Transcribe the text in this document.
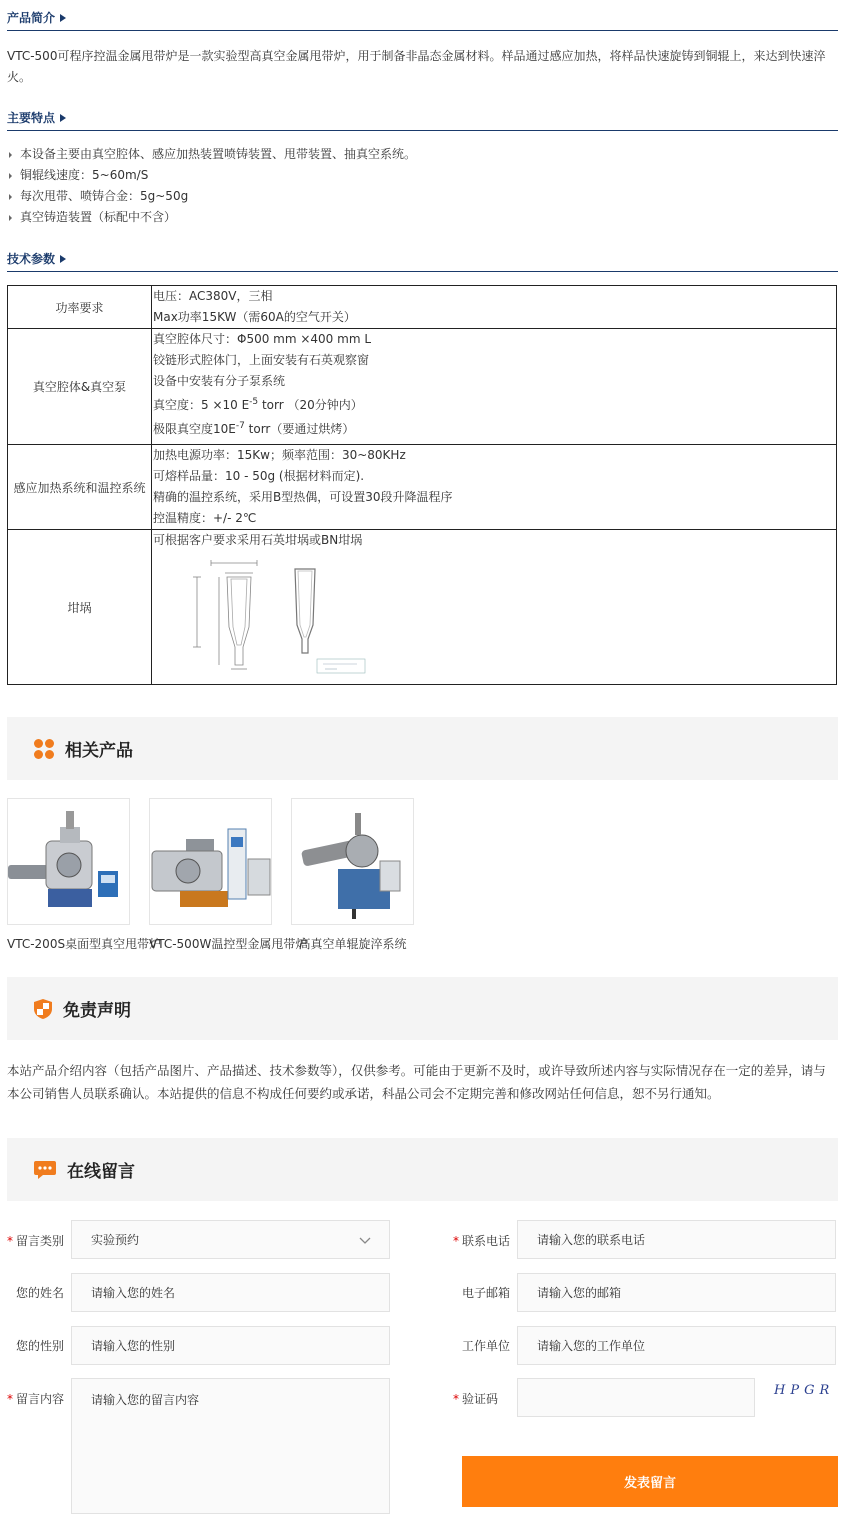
产品简介
VTC-500可程序控温金属甩带炉是一款实验型高真空金属甩带炉，用于制备非晶态金属材料。样品通过感应加热，将样品快速旋铸到铜辊上，来达到快速淬火。
主要特点
本设备主要由真空腔体、感应加热装置喷铸装置、甩带装置、抽真空系统。
铜辊线速度：5~60m/S
每次甩带、喷铸合金：5g~50g
真空铸造装置（标配中不含）
技术参数
功率要求	电压：AC380V，三相
Max功率15KW（需60A的空气开关）

真空腔体&真空泵	真空腔体尺寸：Φ500 mm ×400 mm L
铰链形式腔体门，上面安装有石英观察窗
设备中安装有分子泵系统
真空度：5 ×10 $E^{-5}$ torr （20分钟内）
极限真空度$10E^{-7}$ torr（要通过烘烤）

感应加热系统和温控系统	加热电源功率：15Kw；频率范围：30~80KHz
可熔样品量：10 - 50g (根据材料而定).
精确的温控系统，采用B型热偶，可设置30段升降温程序
控温精度：+/- 2℃

坩埚	可根据客户要求采用石英坩埚或BN坩埚
相关产品
VTC-200S桌面型真空甩带炉
VTC-500W温控型金属甩带炉
高真空单辊旋淬系统
免责声明
本站产品介绍内容（包括产品图片、产品描述、技术参数等），仅供参考。可能由于更新不及时，或许导致所述内容与实际情况存在一定的差异，请与本公司销售人员联系确认。本站提供的信息不构成任何要约或承诺，科晶公司会不定期完善和修改网站任何信息，恕不另行通知。
在线留言
* 留言类别 实验预约	* 联系电话	请输入您的联系电话
您的姓名	请输入您的姓名	电子邮箱	请输入您的邮箱
您的性别	请输入您的性别	工作单位	请输入您的工作单位
* 留言内容	请输入您的留言内容	* 验证码
HPGR
发表留言
